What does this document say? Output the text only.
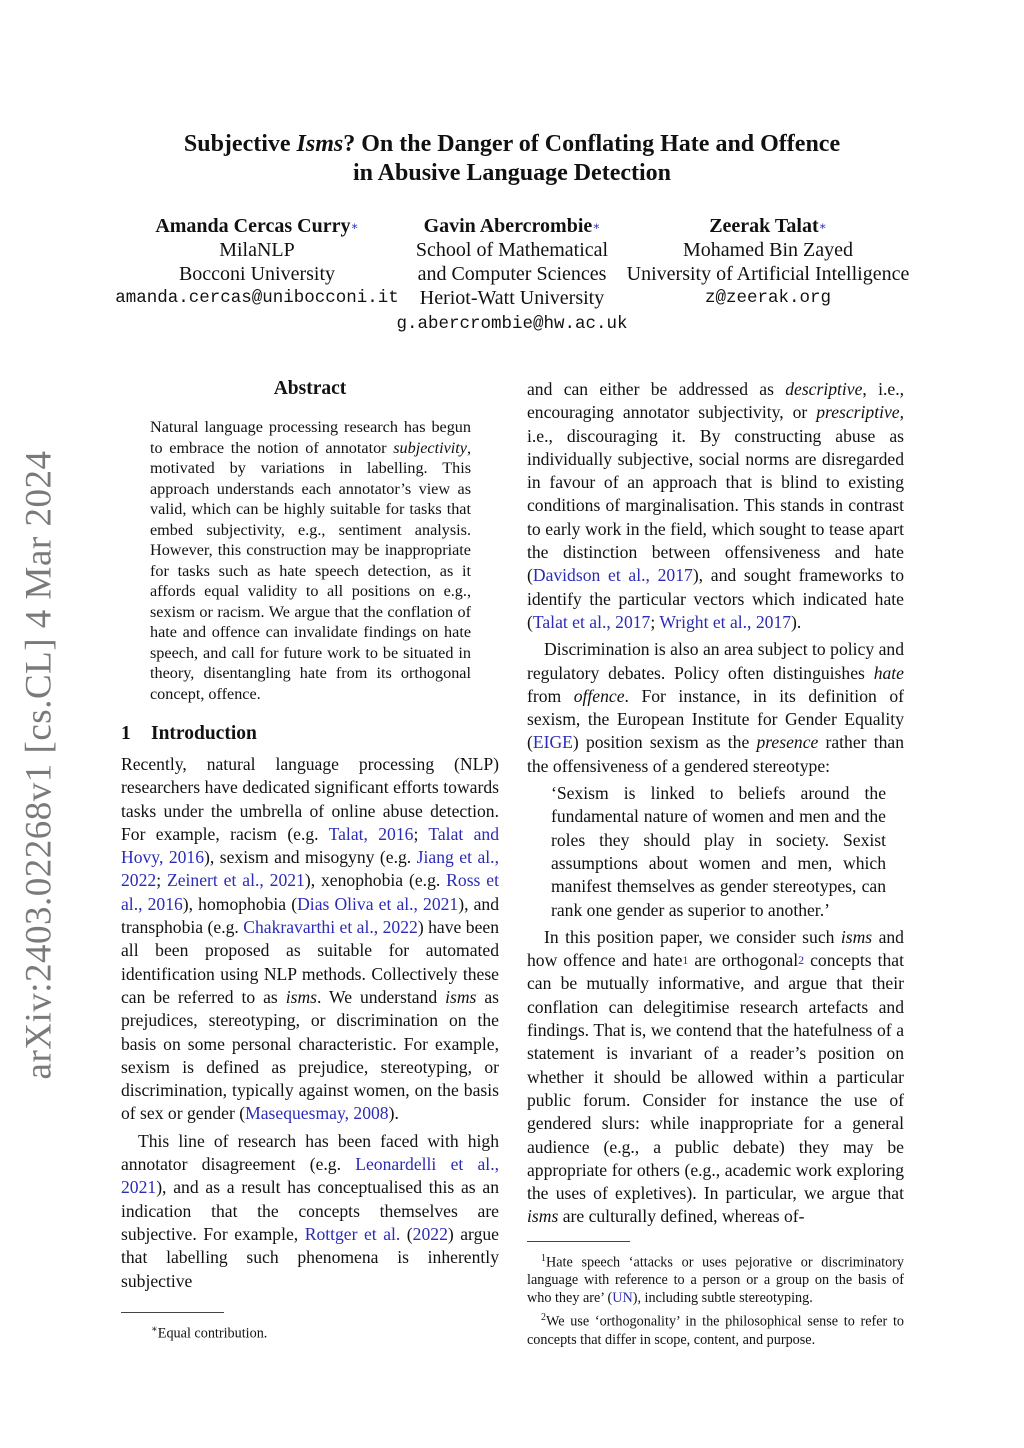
arXiv:2403.02268v1 [cs.CL] 4 Mar 2024
Subjective Isms? On the Danger of Conflating Hate and Offence
in Abusive Language Detection
Amanda Cercas Curry∗
MilaNLP
Bocconi University
amanda.cercas@unibocconi.it
Gavin Abercrombie∗
School of Mathematical
and Computer Sciences
Heriot-Watt University
g.abercrombie@hw.ac.uk
Zeerak Talat∗
Mohamed Bin Zayed
University of Artificial Intelligence
z@zeerak.org
Abstract
Natural language processing research has begun to embrace the notion of annotator subjectivity, motivated by variations in labelling. This approach understands each annotator’s view as valid, which can be highly suitable for tasks that embed subjectivity, e.g., sentiment analysis. However, this construction may be inappropriate for tasks such as hate speech detection, as it affords equal validity to all positions on e.g., sexism or racism. We argue that the conflation of hate and offence can invalidate findings on hate speech, and call for future work to be situated in theory, disentangling hate from its orthogonal concept, offence.
1 Introduction

Recently, natural language processing (NLP) researchers have dedicated significant efforts towards tasks under the umbrella of online abuse detection. For example, racism (e.g. Talat, 2016; Talat and Hovy, 2016), sexism and misogyny (e.g. Jiang et al., 2022; Zeinert et al., 2021), xenophobia (e.g. Ross et al., 2016), homophobia (Dias Oliva et al., 2021), and transphobia (e.g. Chakravarthi et al., 2022) have been all been proposed as suitable for automated identification using NLP methods. Collectively these can be referred to as isms. We understand isms as prejudices, stereotyping, or discrimination on the basis on some personal characteristic. For example, sexism is defined as prejudice, stereotyping, or discrimination, typically against women, on the basis of sex or gender (Masequesmay, 2008).

This line of research has been faced with high annotator disagreement (e.g. Leonardelli et al., 2021), and as a result has conceptualised this as an indication that the concepts themselves are subjective. For example, Rottger et al. (2022) argue that labelling such phenomena is inherently subjective

∗Equal contribution.

and can either be addressed as descriptive, i.e., encouraging annotator subjectivity, or prescriptive, i.e., discouraging it. By constructing abuse as individually subjective, social norms are disregarded in favour of an approach that is blind to existing conditions of marginalisation. This stands in contrast to early work in the field, which sought to tease apart the distinction between offensiveness and hate (Davidson et al., 2017), and sought frameworks to identify the particular vectors which indicated hate (Talat et al., 2017; Wright et al., 2017).

Discrimination is also an area subject to policy and regulatory debates. Policy often distinguishes hate from offence. For instance, in its definition of sexism, the European Institute for Gender Equality (EIGE) position sexism as the presence rather than the offensiveness of a gendered stereotype:

‘Sexism is linked to beliefs around the fundamental nature of women and men and the roles they should play in society. Sexist assumptions about women and men, which manifest themselves as gender stereotypes, can rank one gender as superior to another.’

In this position paper, we consider such isms and how offence and hate$^1$ are orthogonal$^2$ concepts that can be mutually informative, and argue that their conflation can delegitimise research artefacts and findings. That is, we contend that the hatefulness of a statement is invariant of a reader’s position on whether it should be allowed within a particular public forum. Consider for instance the use of gendered slurs: while inappropriate for a general audience (e.g., a public debate) they may be appropriate for others (e.g., academic work exploring the uses of expletives). In particular, we argue that isms are culturally defined, whereas of-

$^1$Hate speech ‘attacks or uses pejorative or discriminatory language with reference to a person or a group on the basis of who they are’ (UN), including subtle stereotyping.

$^2$We use ‘orthogonality’ in the philosophical sense to refer to concepts that differ in scope, content, and purpose.
